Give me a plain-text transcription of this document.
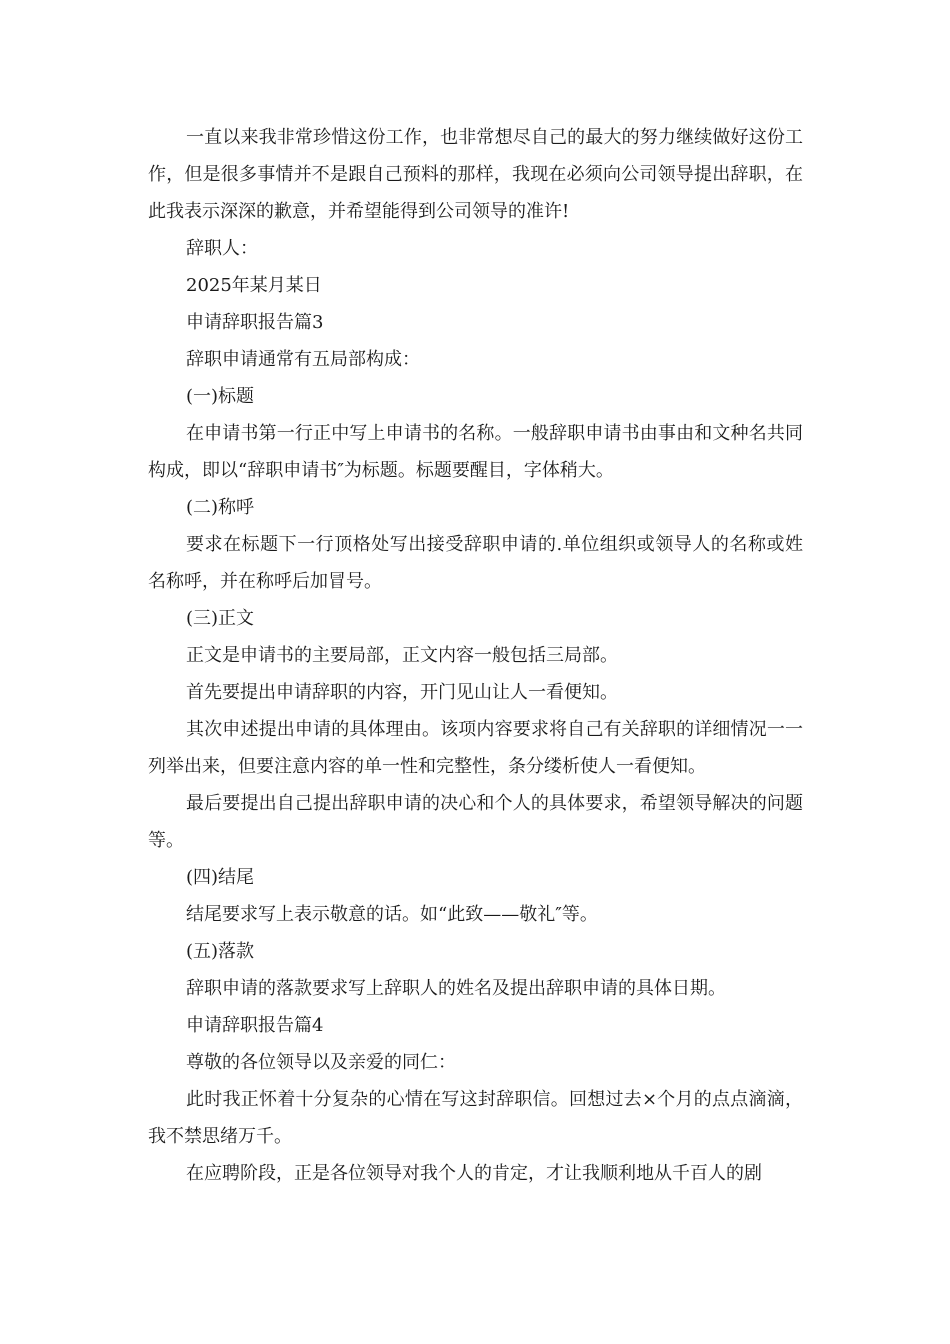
一直以来我非常珍惜这份工作，也非常想尽自己的最大的努力继续做好这份工作，但是很多事情并不是跟自己预料的那样，我现在必须向公司领导提出辞职，在此我表示深深的歉意，并希望能得到公司领导的准许!

辞职人：

2025年某月某日

申请辞职报告篇3

辞职申请通常有五局部构成：

(一)标题

在申请书第一行正中写上申请书的名称。一般辞职申请书由事由和文种名共同构成，即以“辞职申请书″为标题。标题要醒目，字体稍大。

(二)称呼

要求在标题下一行顶格处写出接受辞职申请的.单位组织或领导人的名称或姓名称呼，并在称呼后加冒号。

(三)正文

正文是申请书的主要局部，正文内容一般包括三局部。

首先要提出申请辞职的内容，开门见山让人一看便知。

其次申述提出申请的具体理由。该项内容要求将自己有关辞职的详细情况一一列举出来，但要注意内容的单一性和完整性，条分缕析使人一看便知。

最后要提出自己提出辞职申请的决心和个人的具体要求，希望领导解决的问题等。

(四)结尾

结尾要求写上表示敬意的话。如“此致——敬礼″等。

(五)落款

辞职申请的落款要求写上辞职人的姓名及提出辞职申请的具体日期。

申请辞职报告篇4

尊敬的各位领导以及亲爱的同仁：

此时我正怀着十分复杂的心情在写这封辞职信。回想过去×个月的点点滴滴，我不禁思绪万千。

在应聘阶段，正是各位领导对我个人的肯定，才让我顺利地从千百人的剧
